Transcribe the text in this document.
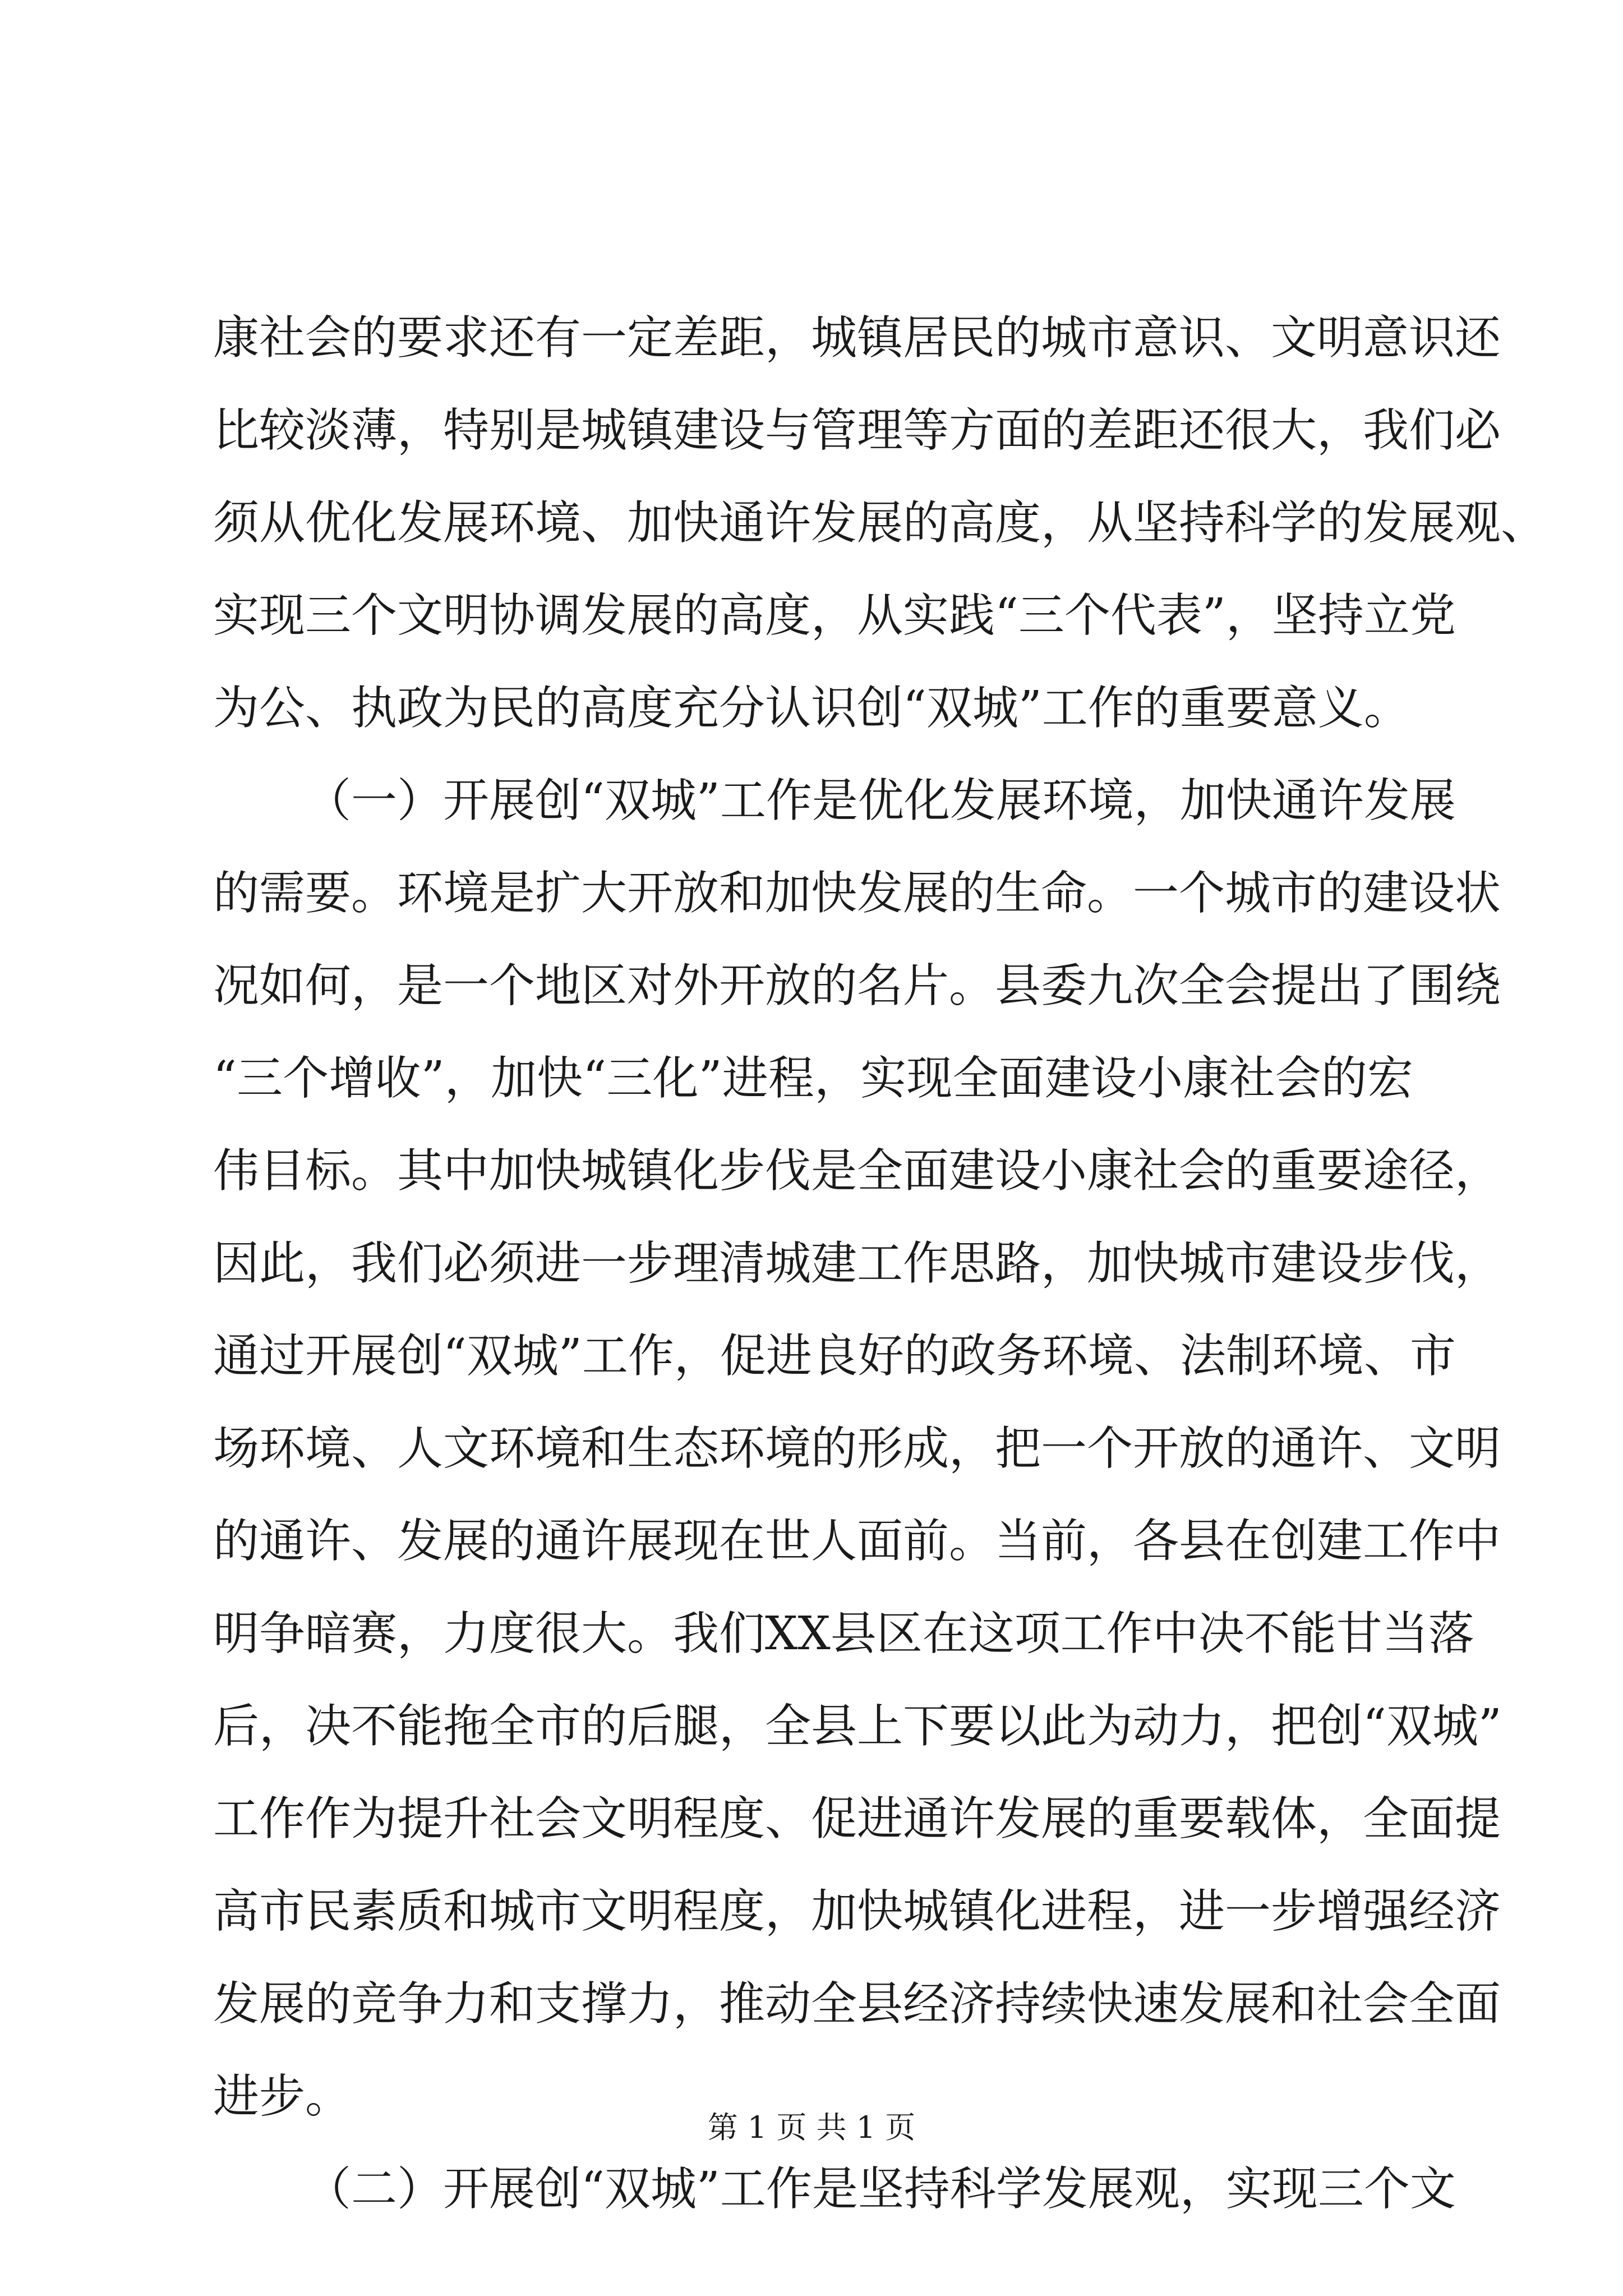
康社会的要求还有一定差距，城镇居民的城市意识、文明意识还

比较淡薄，特别是城镇建设与管理等方面的差距还很大，我们必

须从优化发展环境、加快通许发展的高度，从坚持科学的发展观、

实现三个文明协调发展的高度，从实践“三个代表”，坚持立党

为公、执政为民的高度充分认识创“双城”工作的重要意义。

（一）开展创“双城”工作是优化发展环境，加快通许发展

的需要。环境是扩大开放和加快发展的生命。一个城市的建设状

况如何，是一个地区对外开放的名片。县委九次全会提出了围绕

“三个增收”，加快“三化”进程，实现全面建设小康社会的宏

伟目标。其中加快城镇化步伐是全面建设小康社会的重要途径，

因此，我们必须进一步理清城建工作思路，加快城市建设步伐，

通过开展创“双城”工作，促进良好的政务环境、法制环境、市

场环境、人文环境和生态环境的形成，把一个开放的通许、文明

的通许、发展的通许展现在世人面前。当前，各县在创建工作中

明争暗赛，力度很大。我们XX县区在这项工作中决不能甘当落

后，决不能拖全市的后腿，全县上下要以此为动力，把创“双城”

工作作为提升社会文明程度、促进通许发展的重要载体，全面提

高市民素质和城市文明程度，加快城镇化进程，进一步增强经济

发展的竞争力和支撑力，推动全县经济持续快速发展和社会全面

进步。

（二）开展创“双城”工作是坚持科学发展观，实现三个文

第 1 页 共 1 页
